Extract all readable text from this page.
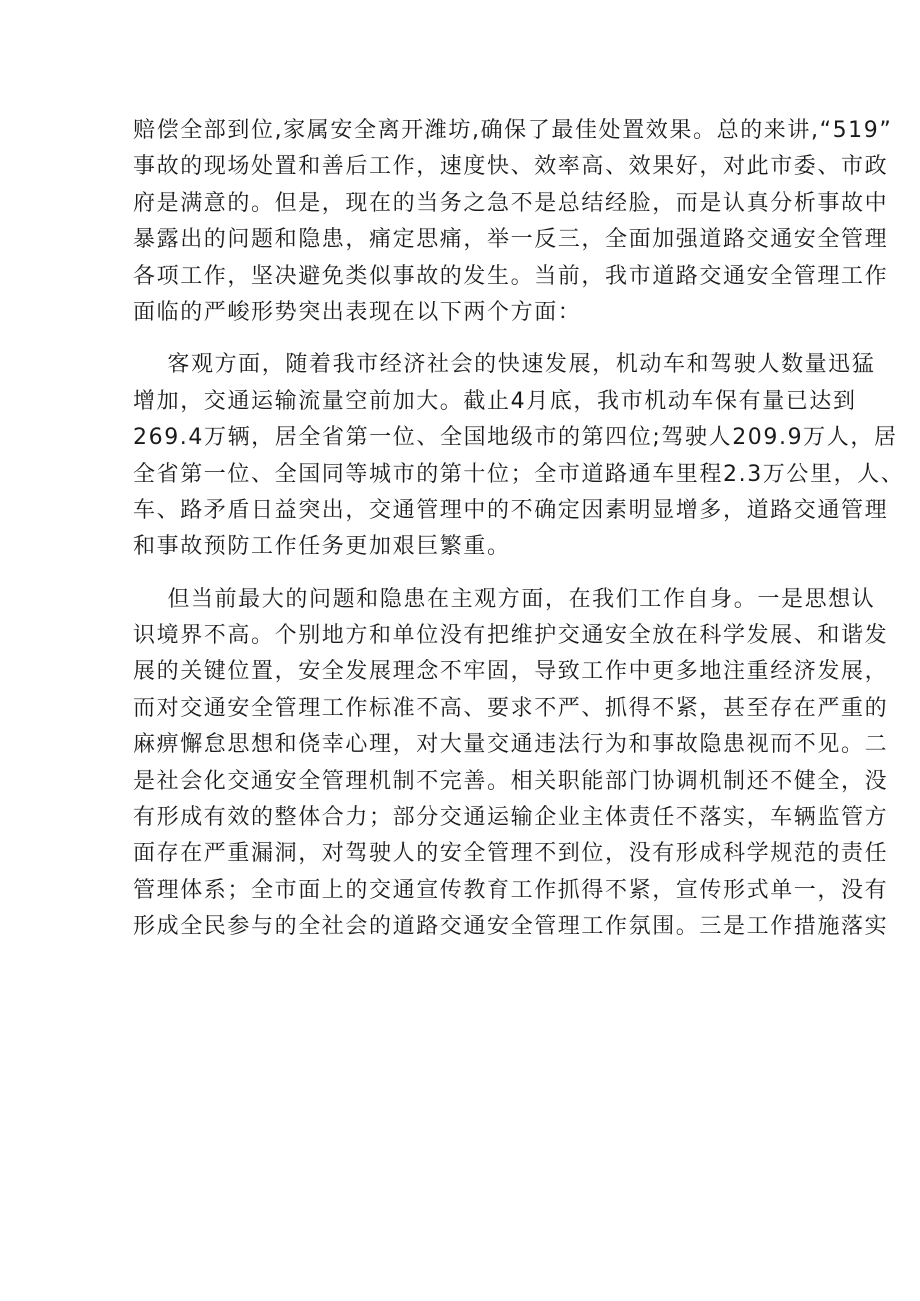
赔偿全部到位,家属安全离开潍坊,确保了最佳处置效果。总的来讲,“519”

事故的现场处置和善后工作，速度快、效率高、效果好，对此市委、市政

府是满意的。但是，现在的当务之急不是总结经脸，而是认真分析事故中

暴露出的问题和隐患，痛定思痛，举一反三，全面加强道路交通安全管理

各项工作，坚决避免类似事故的发生。当前，我市道路交通安全管理工作

面临的严峻形势突出表现在以下两个方面：

客观方面，随着我市经济社会的快速发展，机动车和驾驶人数量迅猛

增加，交通运输流量空前加大。截止4月底，我市机动车保有量已达到

269.4万辆，居全省第一位、全国地级市的第四位;驾驶人209.9万人，居

全省第一位、全国同等城市的第十位；全市道路通车里程2.3万公里，人、

车、路矛盾日益突出，交通管理中的不确定因素明显增多，道路交通管理

和事故预防工作任务更加艰巨繁重。

但当前最大的问题和隐患在主观方面，在我们工作自身。一是思想认

识境界不高。个别地方和单位没有把维护交通安全放在科学发展、和谐发

展的关键位置，安全发展理念不牢固，导致工作中更多地注重经济发展，

而对交通安全管理工作标准不高、要求不严、抓得不紧，甚至存在严重的

麻痹懈怠思想和侥幸心理，对大量交通违法行为和事故隐患视而不见。二

是社会化交通安全管理机制不完善。相关职能部门协调机制还不健全，没

有形成有效的整体合力；部分交通运输企业主体责任不落实，车辆监管方

面存在严重漏洞，对驾驶人的安全管理不到位，没有形成科学规范的责任

管理体系；全市面上的交通宣传教育工作抓得不紧，宣传形式单一，没有

形成全民参与的全社会的道路交通安全管理工作氛围。三是工作措施落实
